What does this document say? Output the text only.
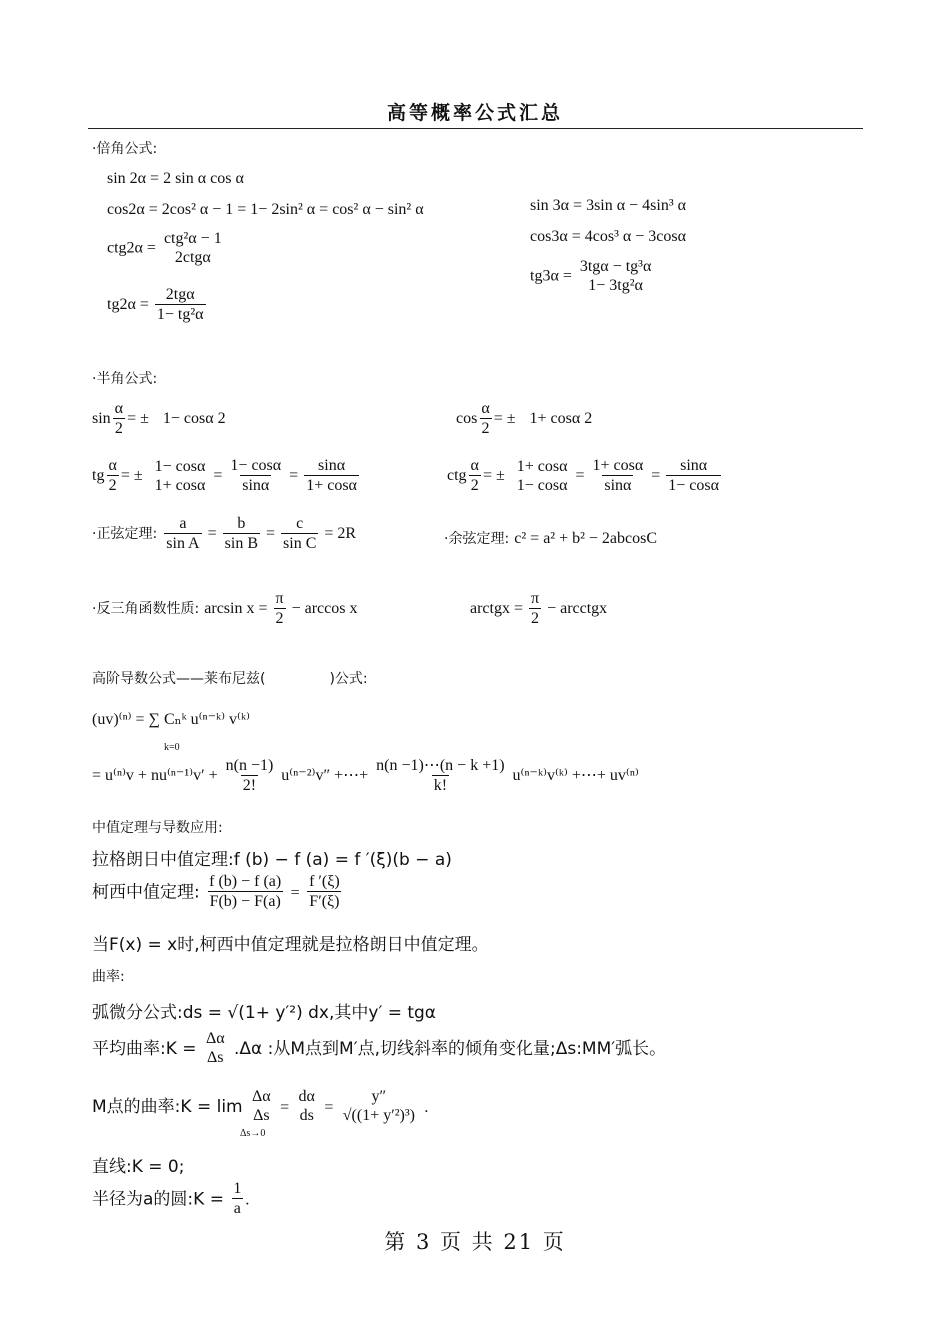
高等概率公式汇总
·倍角公式:
sin 2α = 2 sin α cos α
cos2α = 2cos² α − 1 = 1− 2sin² α = cos² α − sin² α
ctg2α =
ctg²α − 1
2ctgα
$tg2\alpha = \frac{\text{2tgα}}{\text{1− tg²α}}$
sin 3α = 3sin α − 4sin³ α
cos3α = 4cos³ α − 3cosα
tg3α =
3tgα − tg³α
1− 3tg²α
·半角公式:
$\sin \frac{\alpha}{2}$ = ± 1− cosα 2	$\cos \frac{\alpha}{2}$ = ± 1+ cosα 2
tg $\frac{\alpha}{2}$ = ±
1− cosα
1+ cosα
= $\frac{1- \cos\alpha}{\sin\alpha} = \frac{\sin\alpha}{1+ \cos\alpha}$	ctg $\frac{\alpha}{2}$ = ±
1+ cosα
1− cosα
= $\frac{1+ \cos\alpha}{\sin\alpha} = \frac{\sin\alpha}{1- \cos\alpha}$
·正弦定理: $\frac{a}{\text{sin A}} = \frac{b}{\text{sin B}} = \frac{c}{\text{sin C}} = 2R$	·余弦定理: c² = a² + b² − 2abcosC
·反三角函数性质: $\arcsin x = \frac{\pi}{2} - \arccos x$	arctgx = $\frac{\pi}{2}$ − arcctgx
高阶导数公式——莱布尼兹(	)公式:
(uv)⁽ⁿ⁾ = ∑ Cₙᵏ u⁽ⁿ⁻ᵏ⁾ v⁽ᵏ⁾
k=0
= $u^{(n)}v + nu^{(n-1)}v' + \frac{n(n -1)}{2!} u^{(n-2)}v''$ +⋯+ $\frac{n(n -1)\cdots(n - k +1)}{k!}$ u⁽ⁿ⁻ᵏ⁾v⁽ᵏ⁾ +⋯+ uv⁽ⁿ⁾
中值定理与导数应用:
拉格朗日中值定理:f (b) − f (a) = f ′(ξ)(b − a)
柯西中值定理: $\frac{f (b) - f (a)}{F(b) - F(a)} = \frac{f '(\xi)}{F'(\xi)}$
当F(x) = x时,柯西中值定理就是拉格朗日中值定理。
曲率:
弧微分公式:ds = √(1+ y′²) dx,其中y′ = tgα
平均曲率:K =
Δα
Δs .Δα :从M点到M′点,切线斜率的倾角变化量;Δs:MM′弧长。
M点的曲率:K = lim
Δα
Δs =
dα
ds =
y″
√((1+ y′²)³) .
Δs→0
直线:K = 0;
半径为a的圆:K = $\frac{1}{a}$ .
第 3 页 共 21 页
